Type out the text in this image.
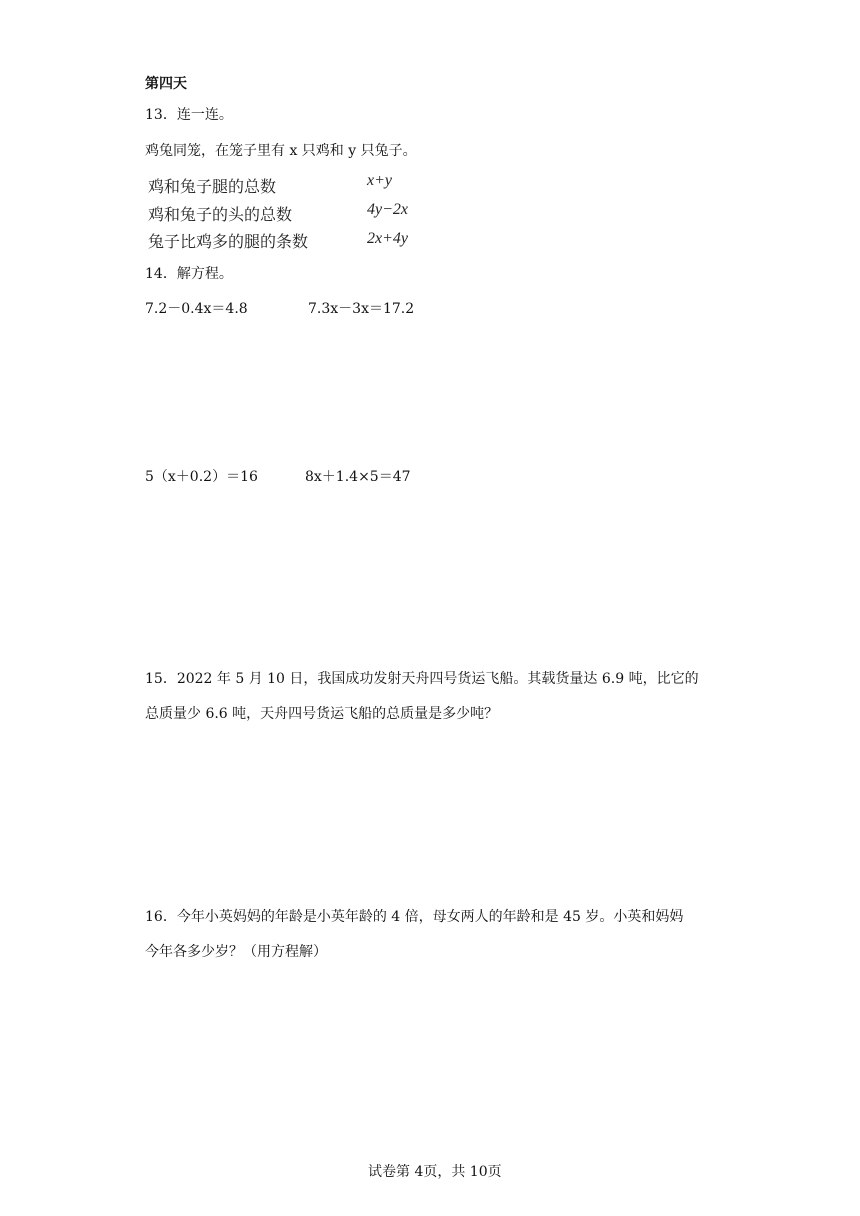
第四天
13．连一连。
鸡兔同笼，在笼子里有 x 只鸡和 y 只兔子。
鸡和兔子腿的总数
鸡和兔子的头的总数
兔子比鸡多的腿的条数
x+y
4y−2x
2x+4y
14．解方程。
7.2－0.4x＝4.8	7.3x－3x＝17.2
5（x＋0.2）＝16	8x＋1.4×5＝47
15．2022 年 5 月 10 日，我国成功发射天舟四号货运飞船。其载货量达 6.9 吨，比它的
总质量少 6.6 吨，天舟四号货运飞船的总质量是多少吨？
16．今年小英妈妈的年龄是小英年龄的 4 倍，母女两人的年龄和是 45 岁。小英和妈妈
今年各多少岁？（用方程解）
试卷第 4页，共 10页
